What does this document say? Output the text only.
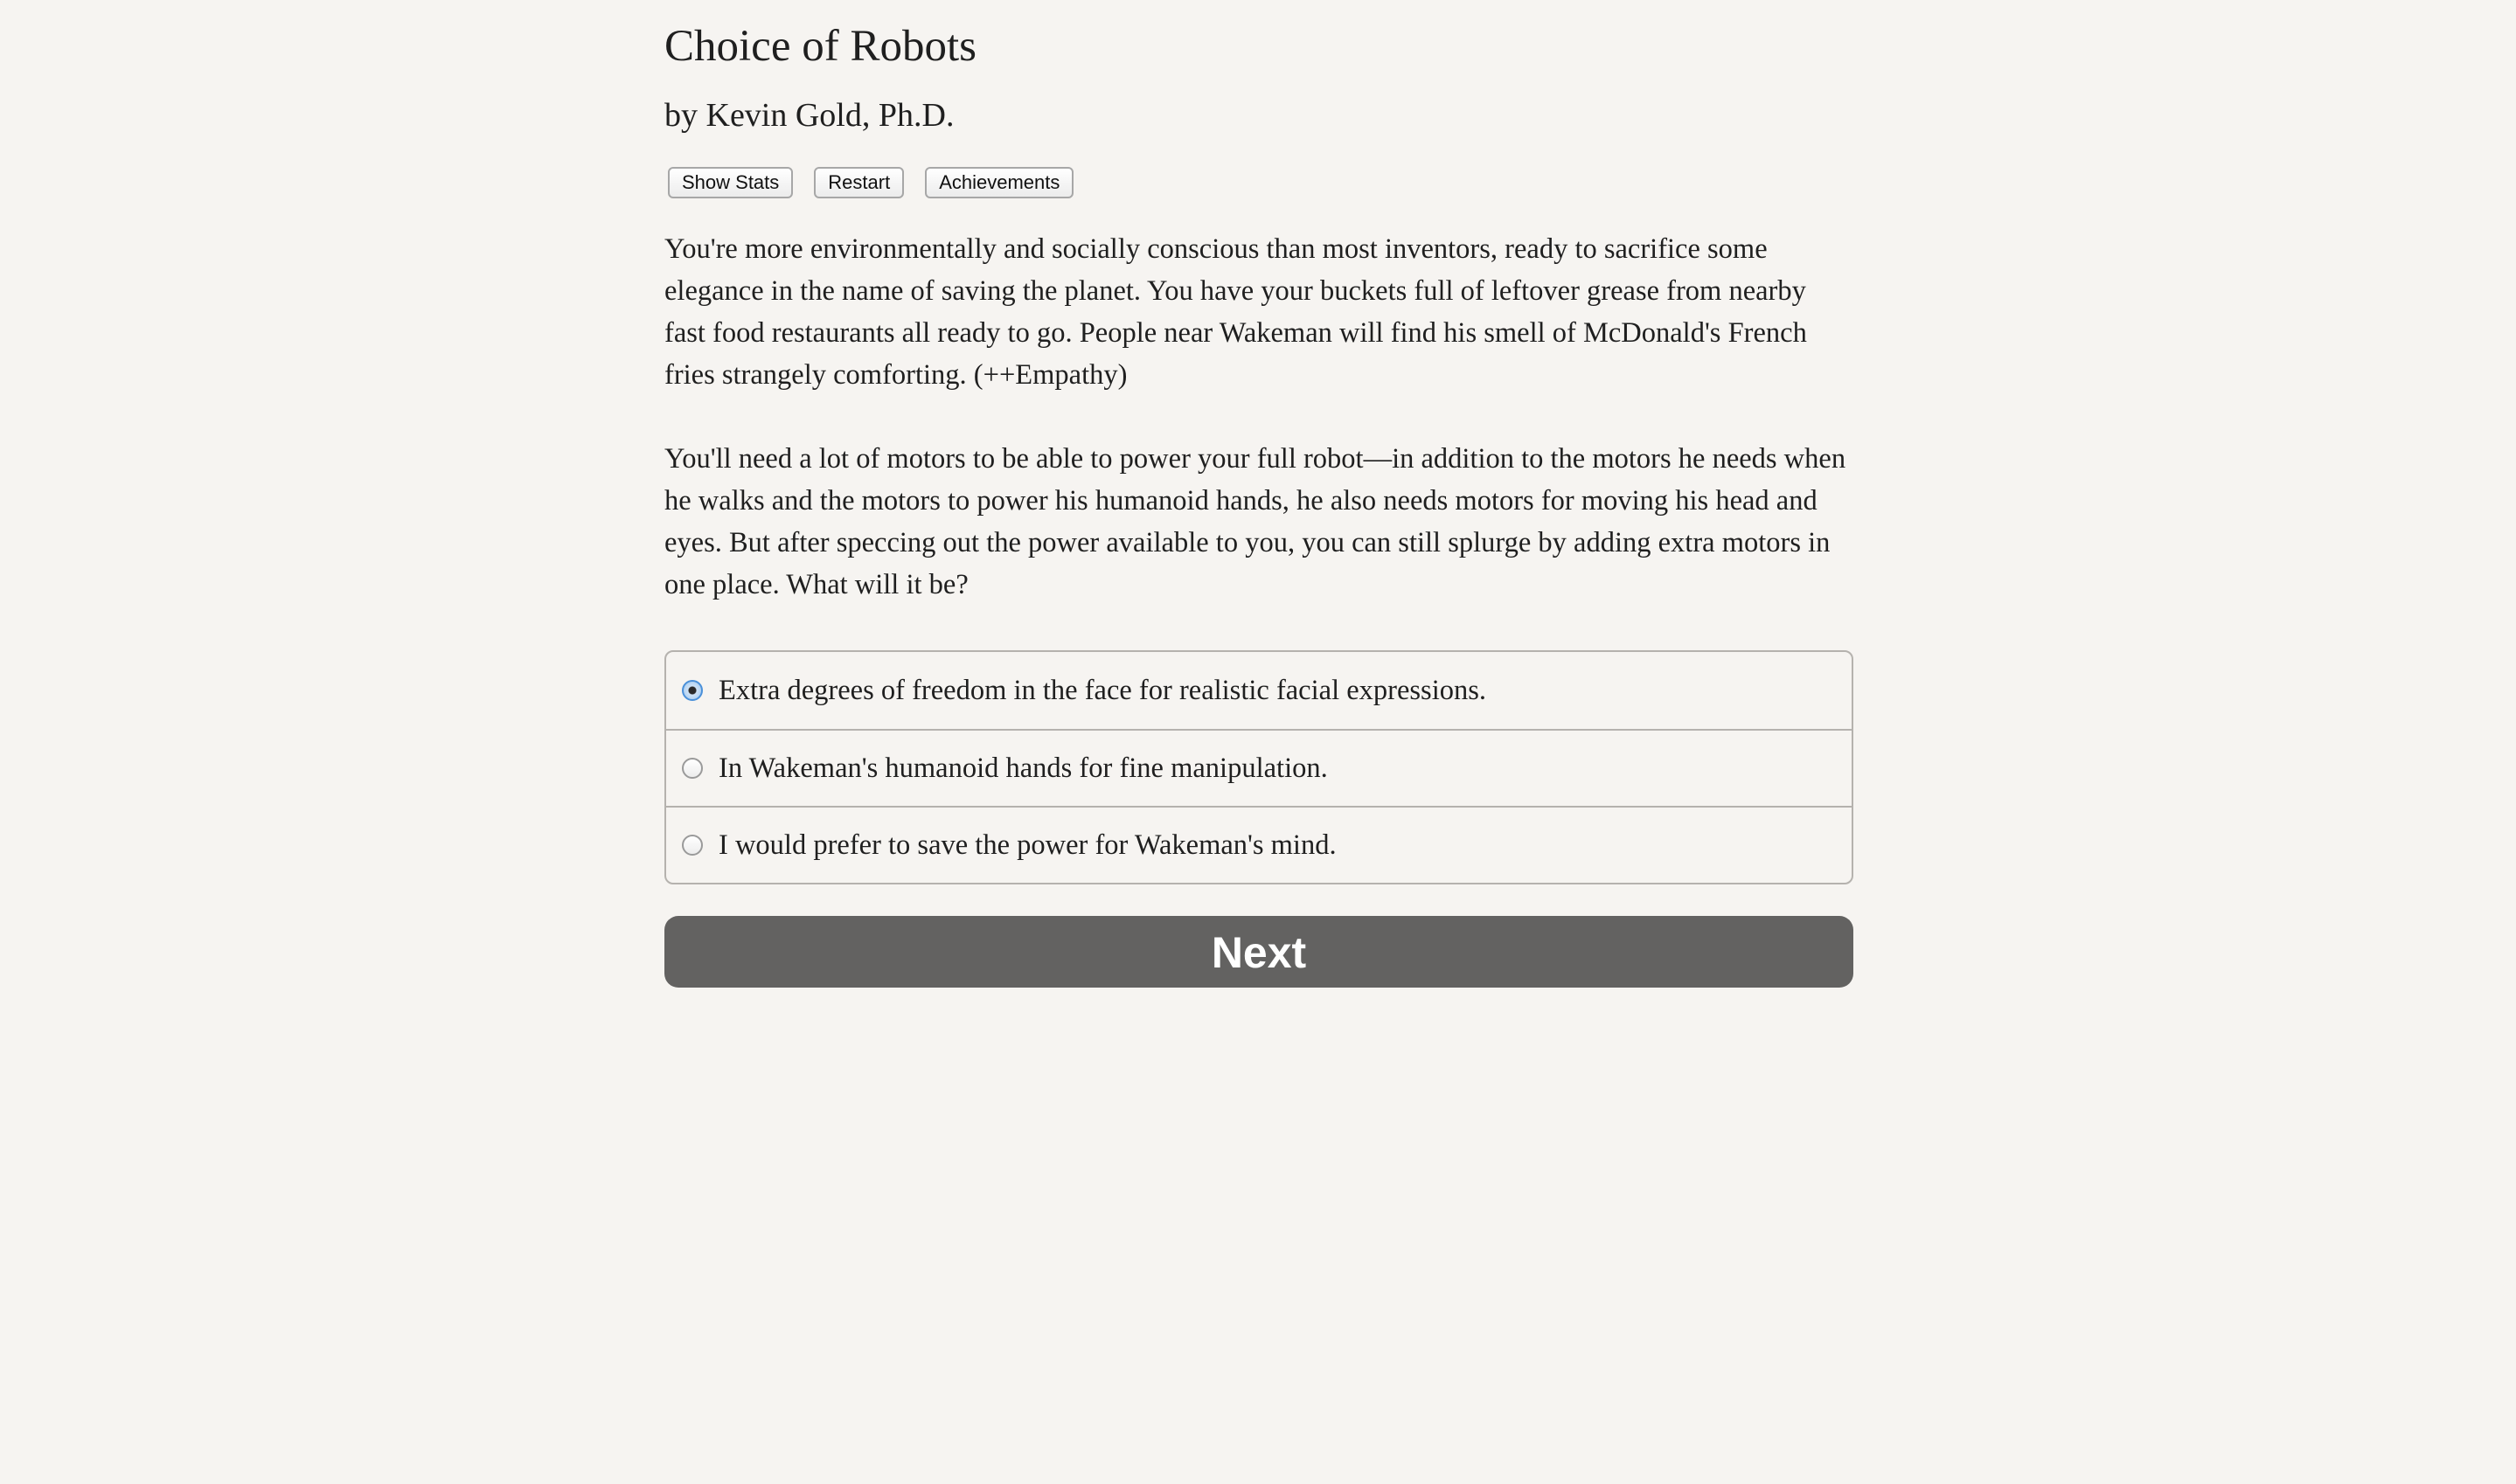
Choice of Robots
by Kevin Gold, Ph.D.
Show Stats	Restart	Achievements

You're more environmentally and socially conscious than most inventors, ready to sacrifice some elegance in the name of saving the planet. You have your buckets full of leftover grease from nearby fast food restaurants all ready to go. People near Wakeman will find his smell of McDonald's French fries strangely comforting. (++Empathy)

You'll need a lot of motors to be able to power your full robot—in addition to the motors he needs when he walks and the motors to power his humanoid hands, he also needs motors for moving his head and eyes. But after speccing out the power available to you, you can still splurge by adding extra motors in one place. What will it be?

Extra degrees of freedom in the face for realistic facial expressions.
In Wakeman's humanoid hands for fine manipulation.
I would prefer to save the power for Wakeman's mind.
Next
